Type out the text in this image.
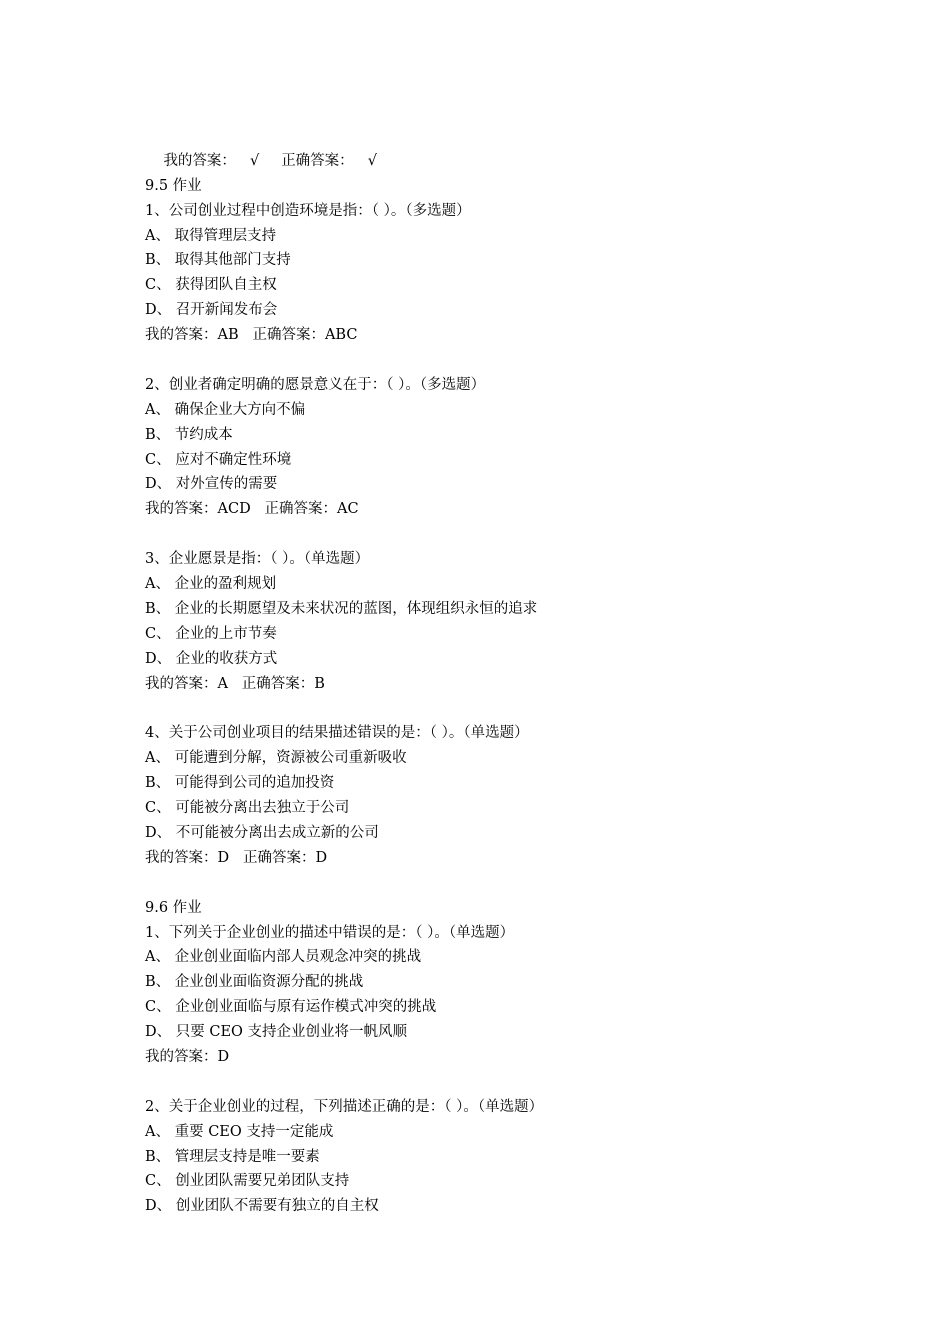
我的答案： √ 正确答案： √

9.5 作业
1、公司创业过程中创造环境是指：（ ）。（多选题）
A、 取得管理层支持
B、 取得其他部门支持
C、 获得团队自主权
D、 召开新闻发布会
我的答案：AB   正确答案：ABC
2、创业者确定明确的愿景意义在于：（ ）。（多选题）
A、 确保企业大方向不偏
B、 节约成本
C、 应对不确定性环境
D、 对外宣传的需要
我的答案：ACD   正确答案：AC
3、企业愿景是指：（ ）。（单选题）
A、 企业的盈利规划
B、 企业的长期愿望及未来状况的蓝图，体现组织永恒的追求
C、 企业的上市节奏
D、 企业的收获方式
我的答案：A   正确答案：B
4、关于公司创业项目的结果描述错误的是：（ ）。（单选题）
A、 可能遭到分解，资源被公司重新吸收
B、 可能得到公司的追加投资
C、 可能被分离出去独立于公司
D、 不可能被分离出去成立新的公司
我的答案：D   正确答案：D
9.6 作业
1、下列关于企业创业的描述中错误的是：（ ）。（单选题）
A、 企业创业面临内部人员观念冲突的挑战
B、 企业创业面临资源分配的挑战
C、 企业创业面临与原有运作模式冲突的挑战
D、 只要 CEO 支持企业创业将一帆风顺
我的答案：D
2、关于企业创业的过程，下列描述正确的是：（ ）。（单选题）
A、 重要 CEO 支持一定能成
B、 管理层支持是唯一要素
C、 创业团队需要兄弟团队支持
D、 创业团队不需要有独立的自主权
